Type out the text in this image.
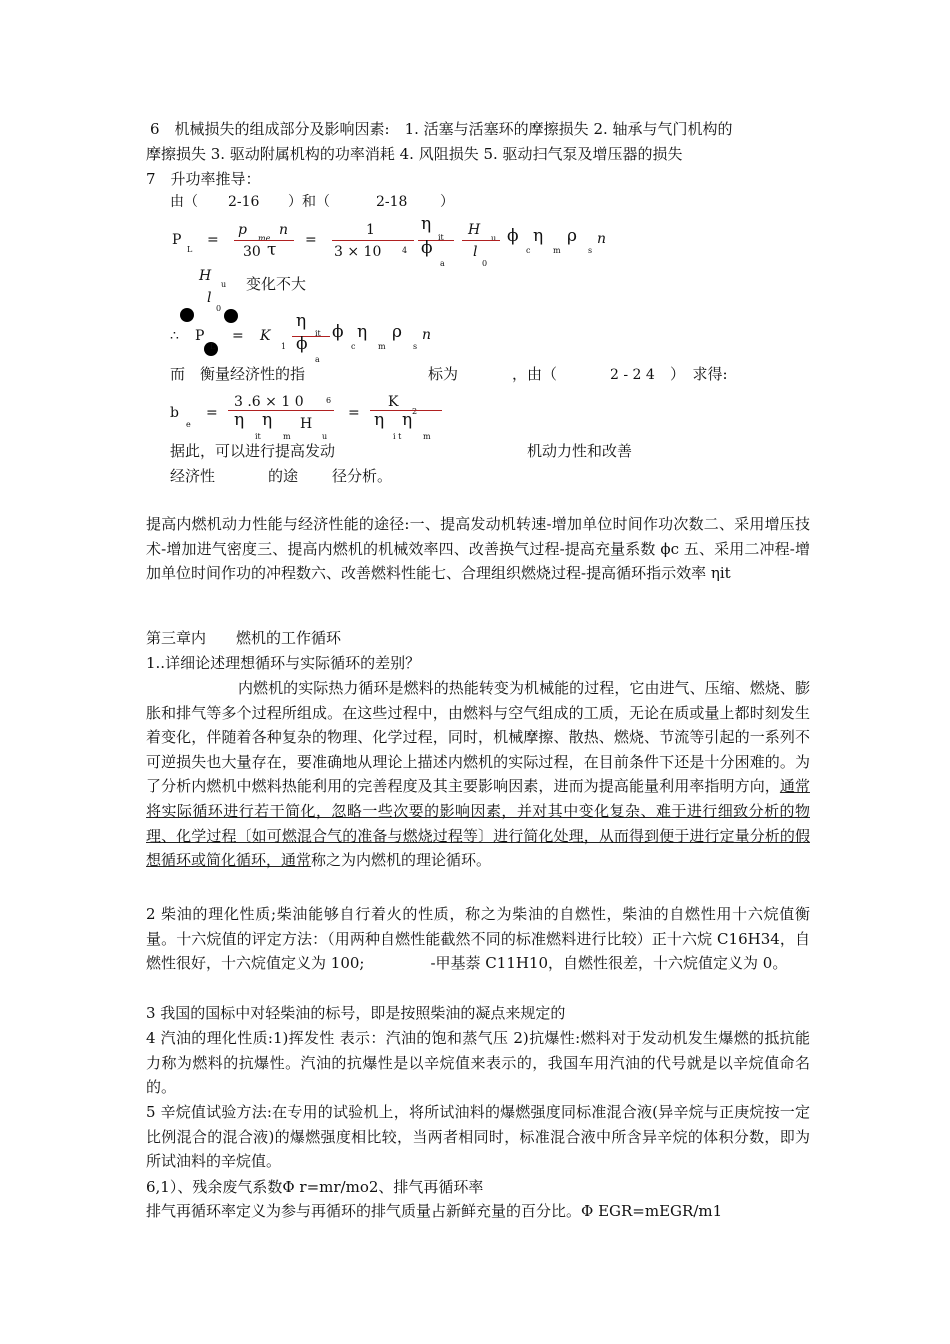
6　机械损失的组成部分及影响因素:　1. 活塞与活塞环的摩擦损失 2. 轴承与气门机构的
摩擦损失 3. 驱动附属机构的功率消耗 4. 风阻损失 5. 驱动扫气泵及增压器的损失
7　升功率推导：
由（ 2-16 ）和（	2-18 ）
P
L
=
p
me
n
30 τ =
1
3 × 10	4
η
it
ϕ
a
H
u
l
0
ϕ
c
η
m
ρ
s
n
H
u
l
0
变化不大
∴ P
L
= K
1
η
it
ϕ
a
ϕ
c
η
m
ρ
s
n
而　衡量经济性的指	标为	，由（	2 - 2 4 ）　求得:
b
e
=
3 .6 × 1 0	6
η η H
it	m	u
=
K
2
η η
i t	m
据此，可以进行提高发动	机动力性和改善
经济性	的途 径分析。
提高内燃机动力性能与经济性能的途径:一、提高发动机转速-增加单位时间作功次数二、采用增压技术-增加进气密度三、提高内燃机的机械效率四、改善换气过程-提高充量系数 ϕc 五、采用二冲程-增加单位时间作功的冲程数六、改善燃料性能七、合理组织燃烧过程-提高循环指示效率 ηit
第三章内　　燃机的工作循环
1..详细论述理想循环与实际循环的差别？
内燃机的实际热力循环是燃料的热能转变为机械能的过程，它由进气、压缩、燃烧、膨胀和排气等多个过程所组成。在这些过程中，由燃料与空气组成的工质，无论在质或量上都时刻发生着变化，伴随着各种复杂的物理、化学过程，同时，机械摩擦、散热、燃烧、节流等引起的一系列不可逆损失也大量存在，要准确地从理论上描述内燃机的实际过程，在目前条件下还是十分困难的。为了分析内燃机中燃料热能利用的完善程度及其主要影响因素，进而为提高能量利用率指明方向，通常将实际循环进行若干简化，忽略一些次要的影响因素，并对其中变化复杂、难于进行细致分析的物理、化学过程〔如可燃混合气的准备与燃烧过程等〕进行简化处理，从而得到便于进行定量分析的假想循环或简化循环，通常称之为内燃机的理论循环。
2 柴油的理化性质;柴油能够自行着火的性质，称之为柴油的自燃性，柴油的自燃性用十六烷值衡量。十六烷值的评定方法：（用两种自燃性能截然不同的标准燃料进行比较）正十六烷 C16H34，自燃性很好，十六烷值定义为 100;	-甲基萘 C11H10，自燃性很差，十六烷值定义为 0。
3 我国的国标中对轻柴油的标号，即是按照柴油的凝点来规定的
4 汽油的理化性质:1)挥发性 表示：汽油的饱和蒸气压 2)抗爆性:燃料对于发动机发生爆燃的抵抗能力称为燃料的抗爆性。汽油的抗爆性是以辛烷值来表示的，我国车用汽油的代号就是以辛烷值命名的。
5 辛烷值试验方法:在专用的试验机上，将所试油料的爆燃强度同标准混合液(异辛烷与正庚烷按一定比例混合的混合液)的爆燃强度相比较，当两者相同时，标准混合液中所含异辛烷的体积分数，即为所试油料的辛烷值。
6,1）、残余废气系数Φ r=mr/mo2、排气再循环率
排气再循环率定义为参与再循环的排气质量占新鲜充量的百分比。Φ EGR=mEGR/m1
